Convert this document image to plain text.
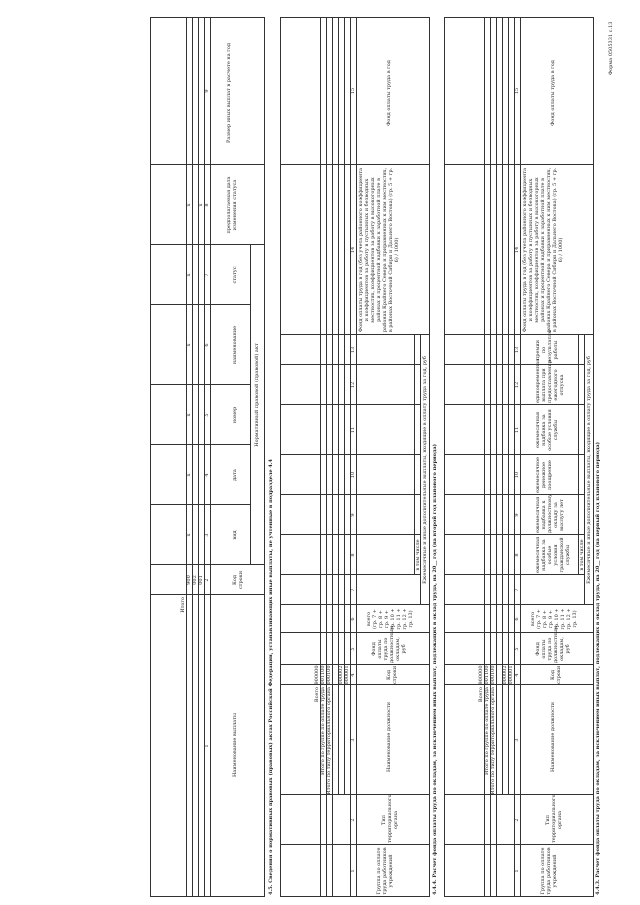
Форма 0505331 с.13
4.4.3. Расчет фонда оплаты труда по окладам, за исключением иных выплат, подлежащих в оклад труда, на 20__ год (на первый год планового периода)
Группа по оплате труда работников учреждений
Тип территориального органа
Наименование должности
Код строки
Фонд оплаты труда по должностным окладам, руб
Ежемесячные и иные дополнительные выплаты, входящие в оплату труда за год, руб
всего (гр. 7 + гр. 8 + гр. 9 + гр. 10 + гр. 11 + гр. 12 + гр. 13)
в том числе
ежемесячная надбавка за особые условия гражданской службы
ежемесячная надбавка к должностному окладу за выслугу лет
ежемесячное денежное поощрение
ежемесячная надбавка за особые условия службы
единовременная выплата при предоставлении ежегодного отпуска
премии по результатам работы
Фонд оплаты труда в год (без учета районного коэффициента и коэффициентов за работу в пустынных и безводных местностях, коэффициентов за работу в высокогорных районах и процентной надбавки к заработной плате в районах Крайнего Севера и приравненных к ним местностях, в районах Восточной Сибири и Дальнего Востока) (гр. 5 + гр. 6) / 1000)
Фонд оплаты труда в год
1
2
3
4
5
6
7
8
9
10
11
12
13
14
15
000001
000002
Итого по типу территориального органа
000100
Итого по группе по оплате труда
001100
Всего
900000
4.4.4. Расчет фонда оплаты труда по окладам, за исключением иных выплат, подлежащих в оклад труда, на 20__ год (на второй год планового периода)
Группа по оплате труда работников учреждений
Тип территориального органа
Наименование должности
Код строки
Фонд оплаты труда по должностным окладам, руб
Ежемесячные и иные дополнительные выплаты, входящие в оплату труда за год, руб
всего (гр. 7 + гр. 8 + гр. 9 + гр. 10 + гр. 11 + гр. 12 + гр. 13)
в том числе
Фонд оплаты труда в год (без учета районного коэффициента и коэффициентов за работу в пустынных и безводных местностях, коэффициентов за работу в высокогорных районах и процентной надбавки к заработной плате в районах Крайнего Севера и приравненных к ним местностях, в районах Восточной Сибири и Дальнего Востока) (гр. 5 + гр. 6) / 1000)
Фонд оплаты труда в год
1
2
3
4
5
6
7
8
9
10
11
12
13
14
15
000001
000002
Итого по типу территориального органа
000100
Итого по группе по оплате труда
001100
Всего
900000
4.5. Сведения о нормативных правовых (правовых) актах Российской Федерации, устанавливающих иные выплаты, не учтенные в подразделе 4.4
Наименование выплаты
Код строки
Нормативный правовой (правовой) акт
вид
дата
номер
наименование
статус
предполагаемая дата изменения статуса
Размер иных выплат в расчете на год
1
2
3
4
5
6
7
8
9
001
002
Итого
900
x
x
x
x
x
x x
